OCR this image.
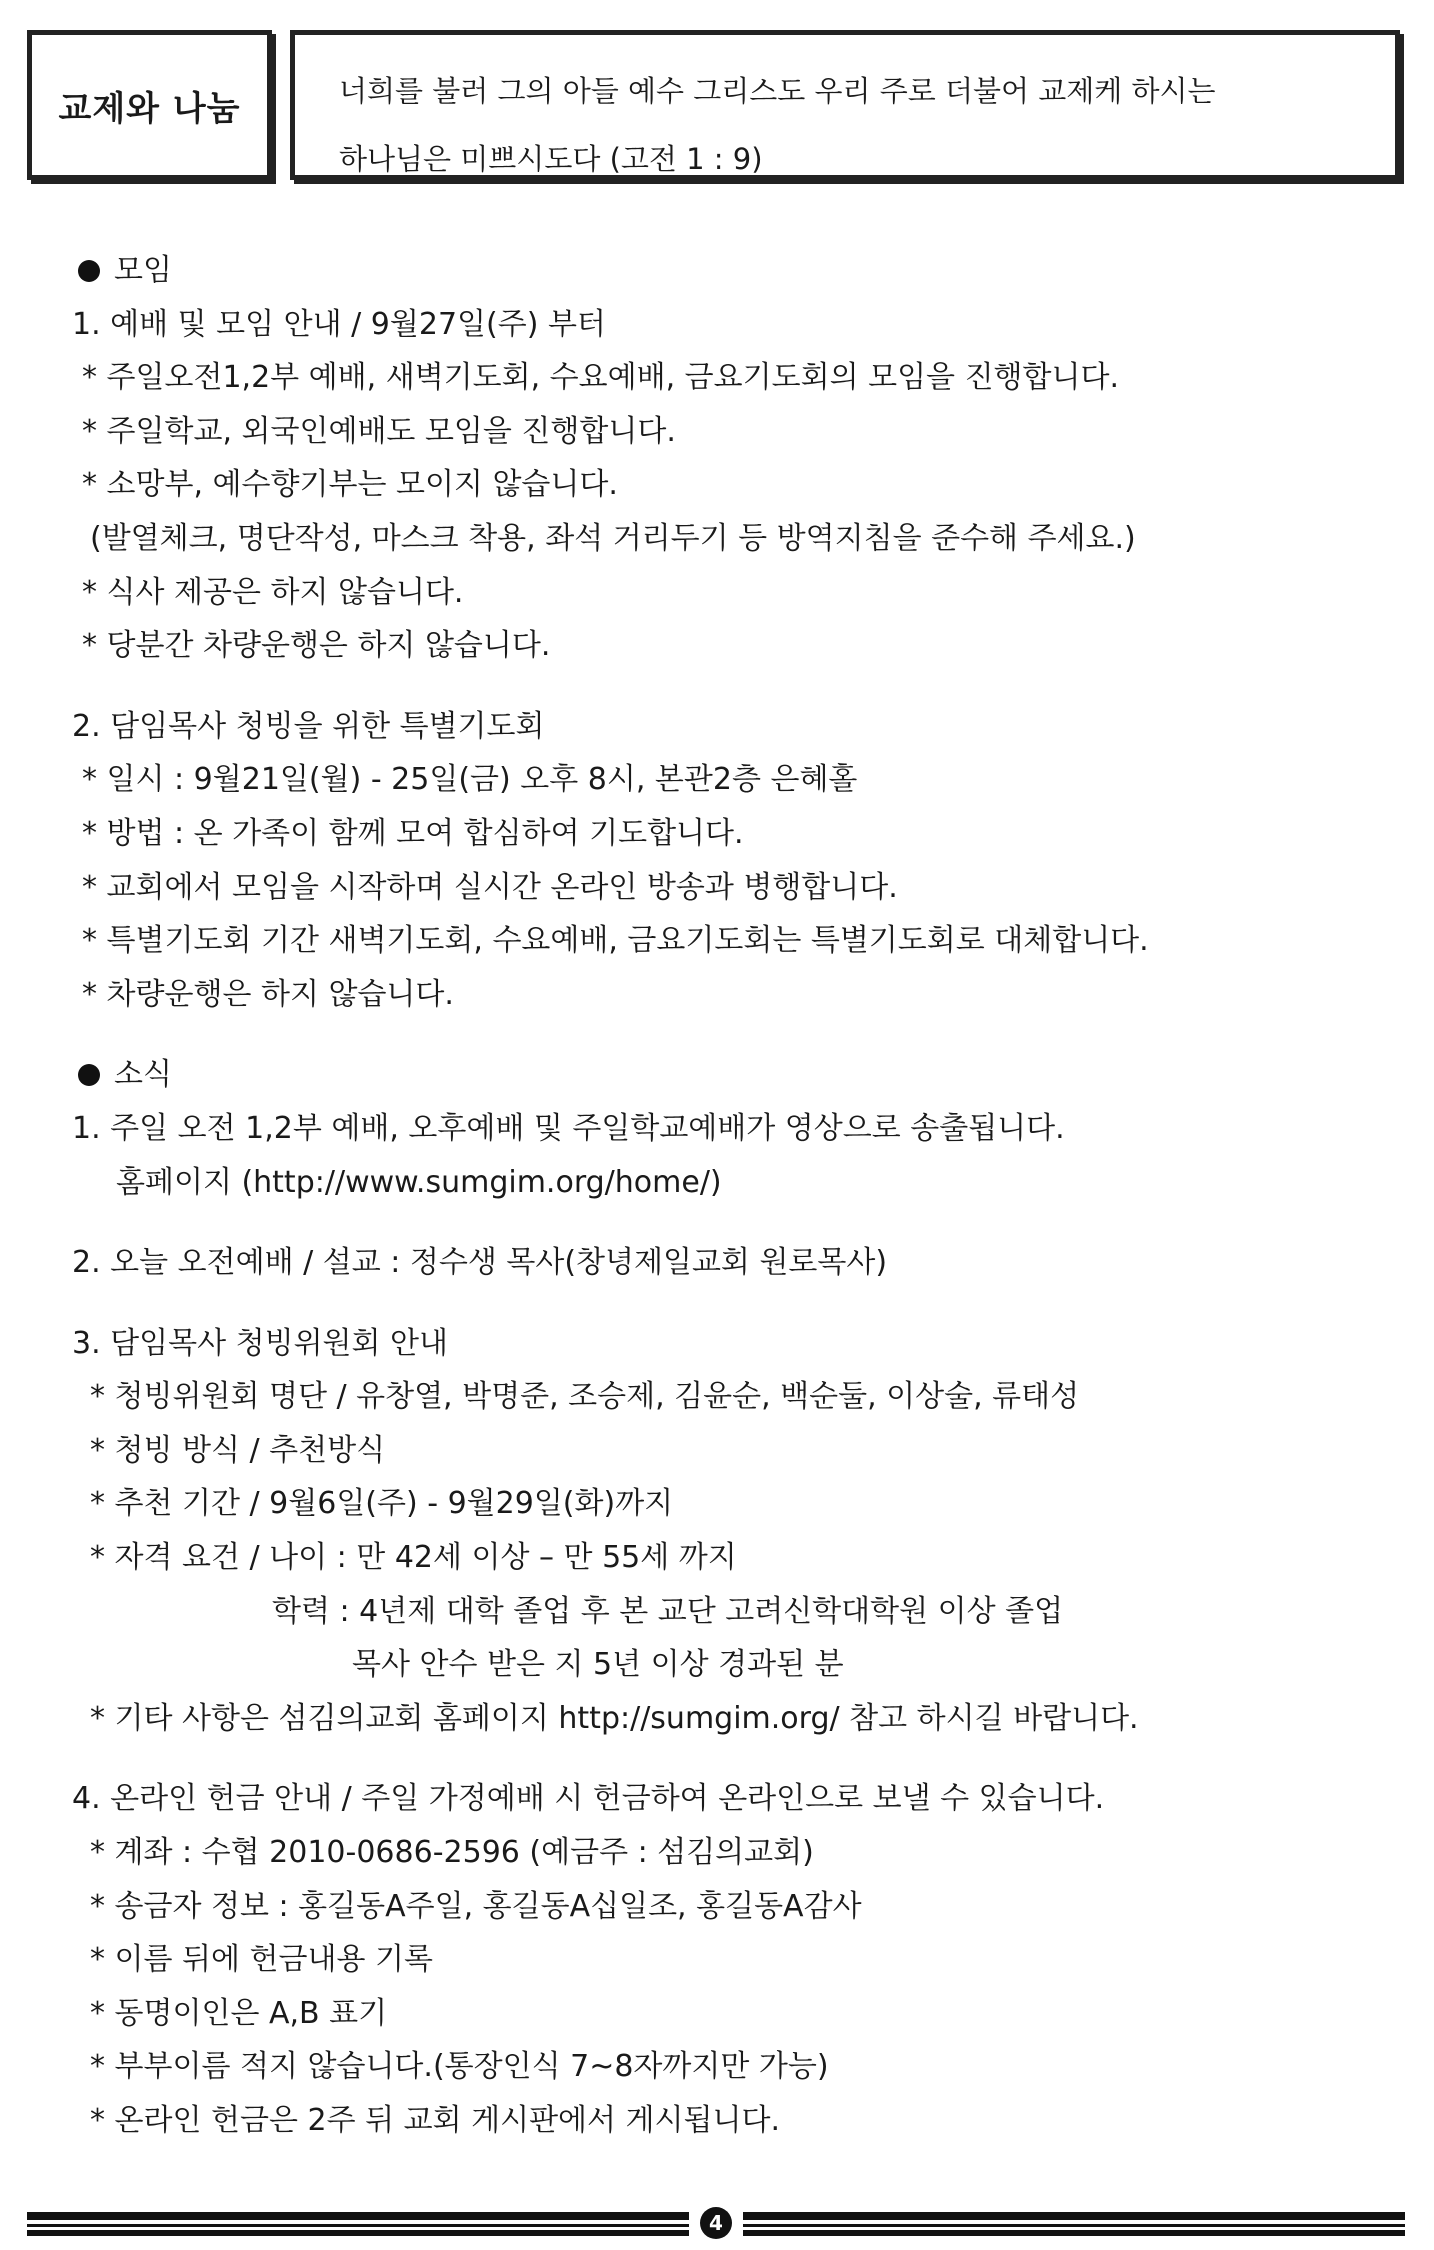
교제와 나눔	너희를 불러 그의 아들 예수 그리스도 우리 주로 더불어 교제케 하시는
하나님은 미쁘시도다 (고전 1 : 9)
모임
1. 예배 및 모임 안내 / 9월27일(주) 부터
* 주일오전1,2부 예배, 새벽기도회, 수요예배, 금요기도회의 모임을 진행합니다.
* 주일학교, 외국인예배도 모임을 진행합니다.
* 소망부, 예수향기부는 모이지 않습니다.
(발열체크, 명단작성, 마스크 착용, 좌석 거리두기 등 방역지침을 준수해 주세요.)
* 식사 제공은 하지 않습니다.
* 당분간 차량운행은 하지 않습니다.
2. 담임목사 청빙을 위한 특별기도회
* 일시 : 9월21일(월) - 25일(금) 오후 8시, 본관2층 은혜홀
* 방법 : 온 가족이 함께 모여 합심하여 기도합니다.
* 교회에서 모임을 시작하며 실시간 온라인 방송과 병행합니다.
* 특별기도회 기간 새벽기도회, 수요예배, 금요기도회는 특별기도회로 대체합니다.
* 차량운행은 하지 않습니다.
소식
1. 주일 오전 1,2부 예배, 오후예배 및 주일학교예배가 영상으로 송출됩니다.
홈페이지 (http://www.sumgim.org/home/)
2. 오늘 오전예배 / 설교 : 정수생 목사(창녕제일교회 원로목사)
3. 담임목사 청빙위원회 안내
* 청빙위원회 명단 / 유창열, 박명준, 조승제, 김윤순, 백순둘, 이상술, 류태성
* 청빙 방식 / 추천방식
* 추천 기간 / 9월6일(주) - 9월29일(화)까지
* 자격 요건 / 나이 : 만 42세 이상 – 만 55세 까지
학력 : 4년제 대학 졸업 후 본 교단 고려신학대학원 이상 졸업
목사 안수 받은 지 5년 이상 경과된 분
* 기타 사항은 섬김의교회 홈페이지 http://sumgim.org/ 참고 하시길 바랍니다.
4. 온라인 헌금 안내 / 주일 가정예배 시 헌금하여 온라인으로 보낼 수 있습니다.
* 계좌 : 수협 2010-0686-2596 (예금주 : 섬김의교회)
* 송금자 정보 : 홍길동A주일, 홍길동A십일조, 홍길동A감사
* 이름 뒤에 헌금내용 기록
* 동명이인은 A,B 표기
* 부부이름 적지 않습니다.(통장인식 7~8자까지만 가능)
* 온라인 헌금은 2주 뒤 교회 게시판에서 게시됩니다.
4
